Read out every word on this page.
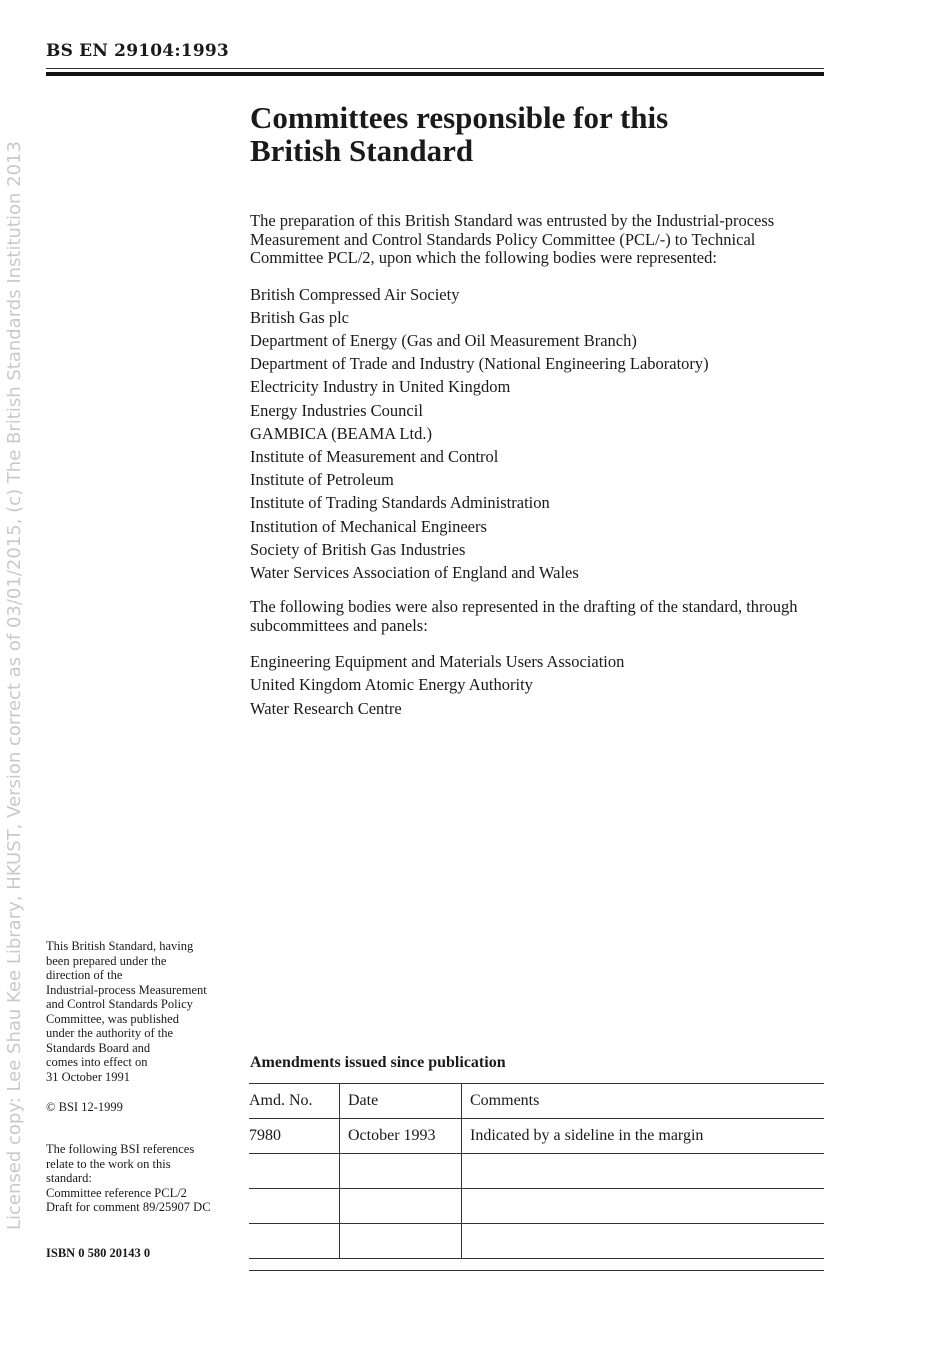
BS EN 29104:1993
Licensed copy: Lee Shau Kee Library, HKUST, Version correct as of 03/01/2015, (c) The British Standards Institution 2013
Committees responsible for this
British Standard

The preparation of this British Standard was entrusted by the Industrial-process Measurement and Control Standards Policy Committee (PCL/-) to Technical Committee PCL/2, upon which the following bodies were represented:

British Compressed Air Society
British Gas plc
Department of Energy (Gas and Oil Measurement Branch)
Department of Trade and Industry (National Engineering Laboratory)
Electricity Industry in United Kingdom
Energy Industries Council
GAMBICA (BEAMA Ltd.)
Institute of Measurement and Control
Institute of Petroleum
Institute of Trading Standards Administration
Institution of Mechanical Engineers
Society of British Gas Industries
Water Services Association of England and Wales

The following bodies were also represented in the drafting of the standard, through subcommittees and panels:

Engineering Equipment and Materials Users Association
United Kingdom Atomic Energy Authority
Water Research Centre
This British Standard, having
been prepared under the
direction of the
Industrial-process Measurement
and Control Standards Policy
Committee, was published
under the authority of the
Standards Board and
comes into effect on
31 October 1991
© BSI 12-1999
The following BSI references
relate to the work on this
standard:
Committee reference PCL/2
Draft for comment 89/25907 DC
ISBN 0 580 20143 0
Amendments issued since publication
Amd. No.	Date	Comments
7980	October 1993	Indicated by a sideline in the margin
